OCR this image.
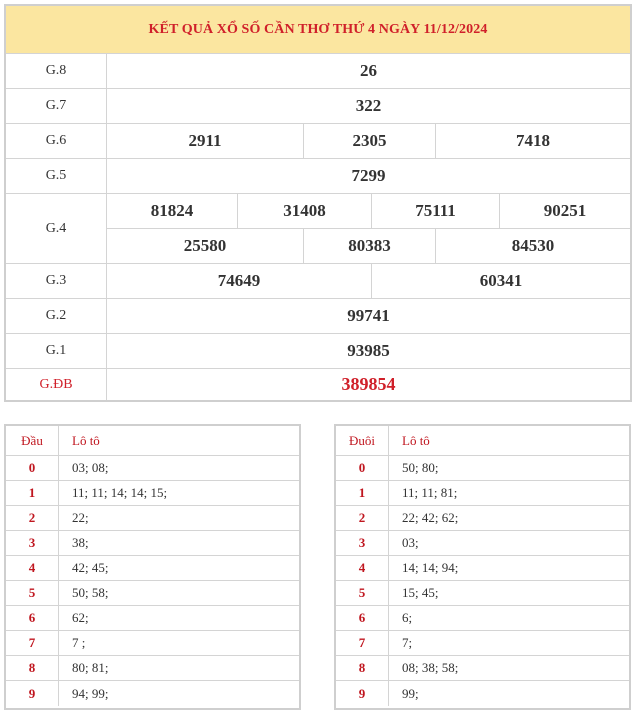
KẾT QUẢ XỔ SỐ CẦN THƠ THỨ 4 NGÀY 11/12/2024
G.8	26
G.7	322
G.6	2911	2305	7418
G.5	7299
G.4
81824	31408	75111	90251
25580	80383	84530
G.3	74649	60341
G.2	99741
G.1	93985
G.ĐB	389854
Đầu	Lô tô
0	03; 08;
1	11; 11; 14; 14; 15;
2	22;
3	38;
4	42; 45;
5	50; 58;
6	62;
7	7 ;
8	80; 81;
9	94; 99;
Đuôi	Lô tô
0	50; 80;
1	11; 11; 81;
2	22; 42; 62;
3	03;
4	14; 14; 94;
5	15; 45;
6	6;
7	7;
8	08; 38; 58;
9	99;
